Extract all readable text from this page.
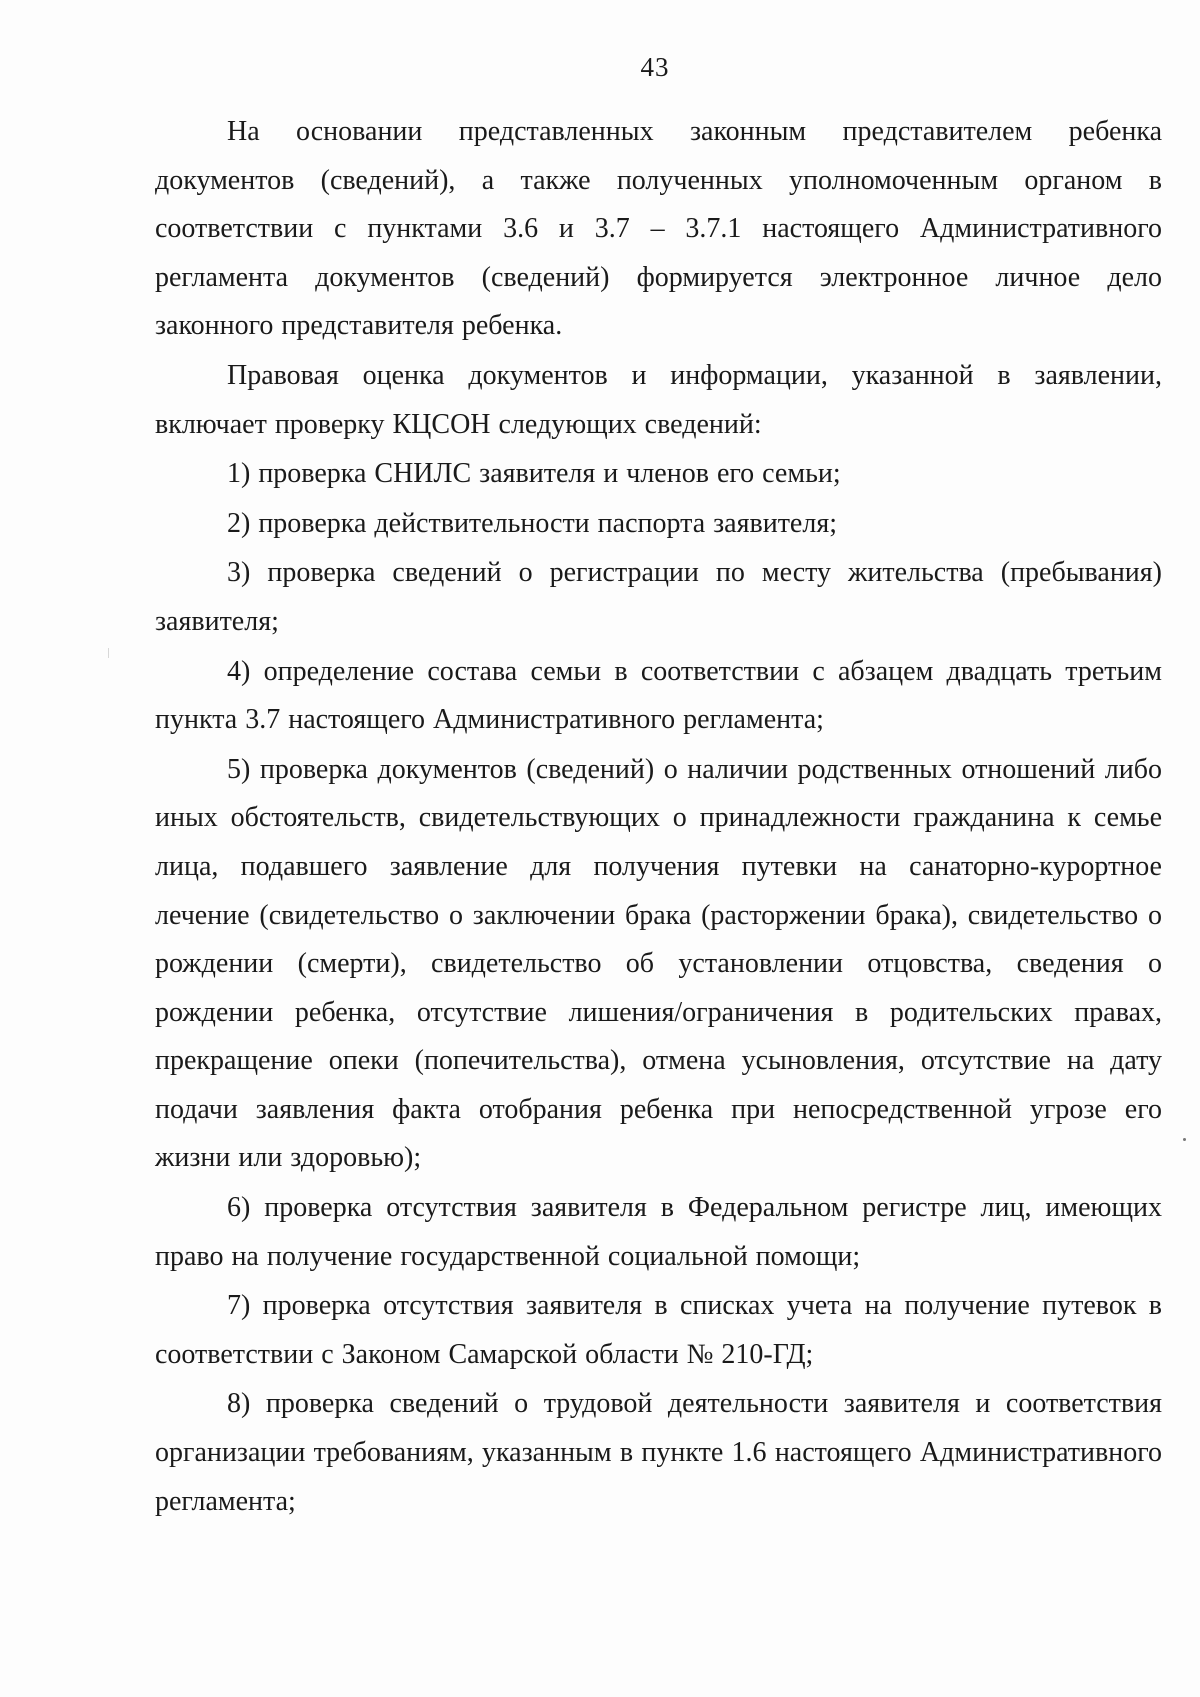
43

На основании представленных законным представителем ребенка документов (сведений), а также полученных уполномоченным органом в соответствии с пунктами 3.6 и 3.7 – 3.7.1 настоящего Административного регламента документов (сведений) формируется электронное личное дело законного представителя ребенка.

Правовая оценка документов и информации, указанной в заявлении, включает проверку КЦСОН следующих сведений:

1) проверка СНИЛС заявителя и членов его семьи;

2) проверка действительности паспорта заявителя;

3) проверка сведений о регистрации по месту жительства (пребывания) заявителя;

4) определение состава семьи в соответствии с абзацем двадцать третьим пункта 3.7 настоящего Административного регламента;

5) проверка документов (сведений) о наличии родственных отношений либо иных обстоятельств, свидетельствующих о принадлежности гражданина к семье лица, подавшего заявление для получения путевки на санаторно-курортное лечение (свидетельство о заключении брака (расторжении брака), свидетельство о рождении (смерти), свидетельство об установлении отцовства, сведения о рождении ребенка, отсутствие лишения/ограничения в родительских правах, прекращение опеки (попечительства), отмена усыновления, отсутствие на дату подачи заявления факта отобрания ребенка при непосредственной угрозе его жизни или здоровью);

6) проверка отсутствия заявителя в Федеральном регистре лиц, имеющих право на получение государственной социальной помощи;

7) проверка отсутствия заявителя в списках учета на получение путевок в соответствии с Законом Самарской области № 210-ГД;

8) проверка сведений о трудовой деятельности заявителя и соответствия организации требованиям, указанным в пункте 1.6 настоящего Административного регламента;
